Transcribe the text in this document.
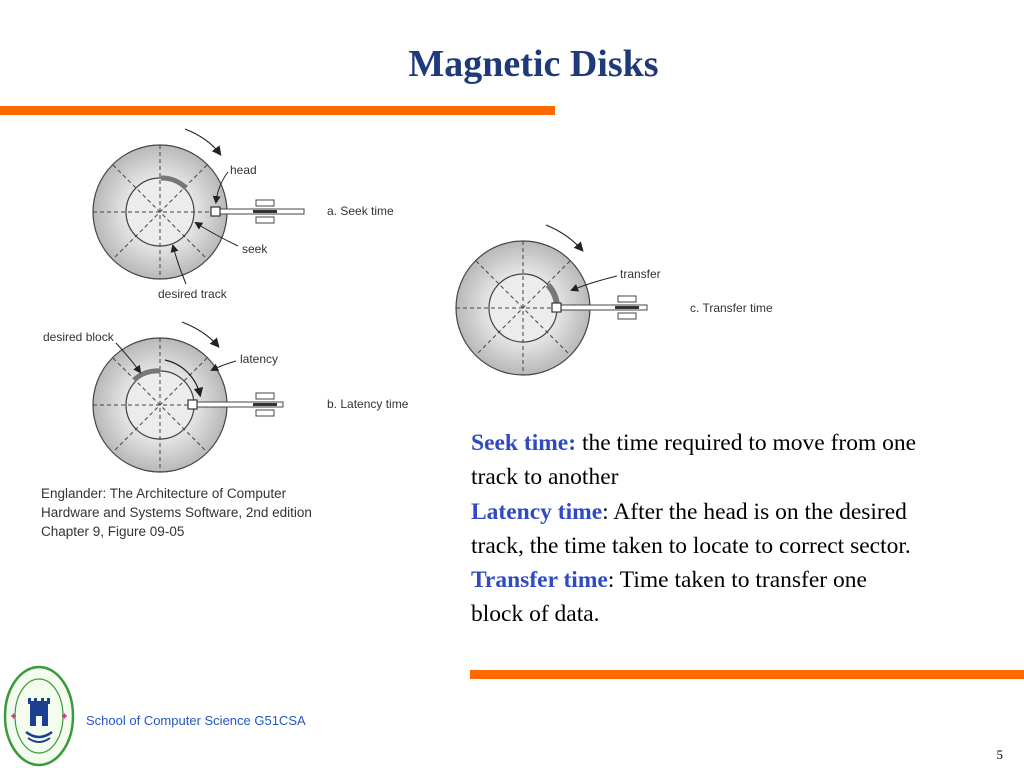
Magnetic Disks
head
seek
desired track
a. Seek time
desired block
latency
b. Latency time
transfer
c. Transfer time
Englander: The Architecture of Computer
Hardware and Systems Software, 2nd edition
Chapter 9, Figure 09-05

Seek time: the time required to move from one track to another

Latency time: After the head is on the desired track, the time taken to locate to correct sector.

Transfer time: Time taken to transfer one block of data.

School of Computer Science G51CSA
5
